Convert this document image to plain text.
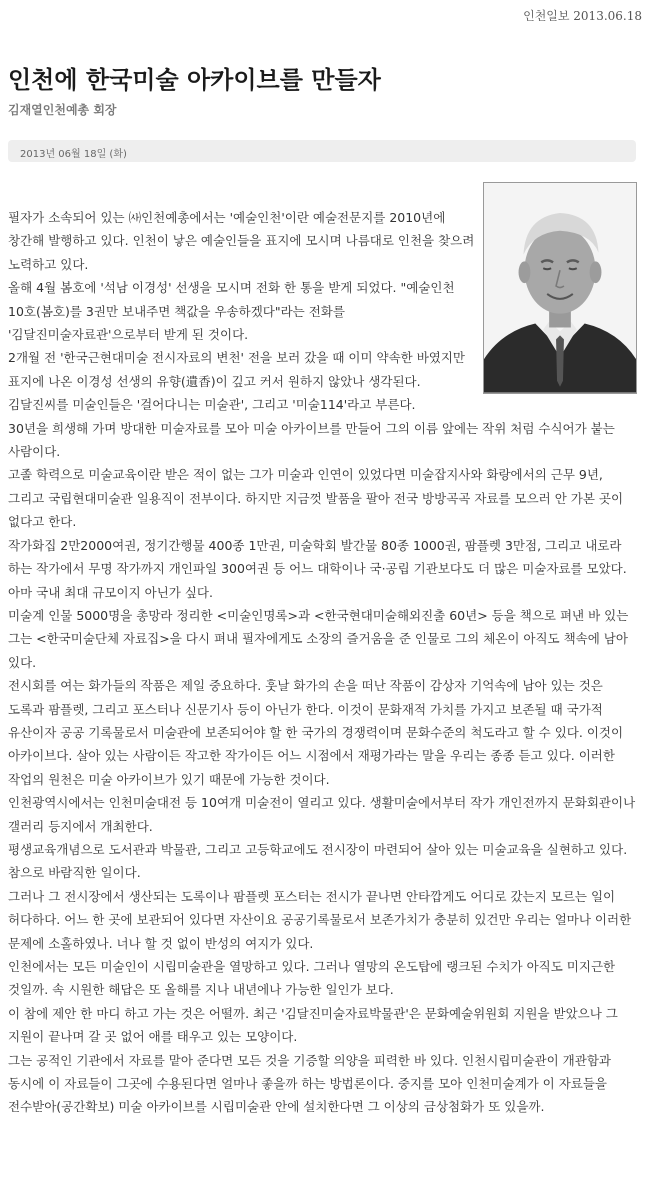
인천일보 2013.06.18
인천에 한국미술 아카이브를 만들자
김재열인천예총 회장
2013년 06월 18일 (화)

필자가 소속되어 있는 ㈔인천예총에서는 '예술인천'이란 예술전문지를 2010년에 창간해 발행하고 있다. 인천이 낳은 예술인들을 표지에 모시며 나름대로 인천을 찾으려 노력하고 있다.

올해 4월 봄호에 '석남 이경성' 선생을 모시며 전화 한 통을 받게 되었다. "예술인천 10호(봄호)를 3권만 보내주면 책값을 우송하겠다"라는 전화를 '김달진미술자료관'으로부터 받게 된 것이다.

2개월 전 '한국근현대미술 전시자료의 변천' 전을 보러 갔을 때 이미 약속한 바였지만 표지에 나온 이경성 선생의 유향(遺香)이 깊고 커서 원하지 않았나 생각된다.

김달진씨를 미술인들은 '걸어다니는 미술관', 그리고 '미술114'라고 부른다.

30년을 희생해 가며 방대한 미술자료를 모아 미술 아카이브를 만들어 그의 이름 앞에는 작위 처럼 수식어가 붙는 사람이다.

고졸 학력으로 미술교육이란 받은 적이 없는 그가 미술과 인연이 있었다면 미술잡지사와 화랑에서의 근무 9년, 그리고 국립현대미술관 일용직이 전부이다. 하지만 지금껏 발품을 팔아 전국 방방곡곡 자료를 모으러 안 가본 곳이 없다고 한다.

작가화집 2만2000여권, 정기간행물 400종 1만권, 미술학회 발간물 80종 1000권, 팜플렛 3만점, 그리고 내로라 하는 작가에서 무명 작가까지 개인파일 300여권 등 어느 대학이나 국·공립 기관보다도 더 많은 미술자료를 모았다. 아마 국내 최대 규모이지 아닌가 싶다.

미술계 인물 5000명을 총망라 정리한 <미술인명록>과 <한국현대미술해외진출 60년> 등을 책으로 펴낸 바 있는 그는 <한국미술단체 자료집>을 다시 펴내 필자에게도 소장의 즐거움을 준 인물로 그의 체온이 아직도 책속에 남아 있다.

전시회를 여는 화가들의 작품은 제일 중요하다. 훗날 화가의 손을 떠난 작품이 감상자 기억속에 남아 있는 것은 도록과 팜플렛, 그리고 포스터나 신문기사 등이 아닌가 한다. 이것이 문화재적 가치를 가지고 보존될 때 국가적 유산이자 공공 기록물로서 미술관에 보존되어야 할 한 국가의 경쟁력이며 문화수준의 척도라고 할 수 있다. 이것이 아카이브다. 살아 있는 사람이든 작고한 작가이든 어느 시점에서 재평가라는 말을 우리는 종종 듣고 있다. 이러한 작업의 원천은 미술 아카이브가 있기 때문에 가능한 것이다.

인천광역시에서는 인천미술대전 등 10여개 미술전이 열리고 있다. 생활미술에서부터 작가 개인전까지 문화회관이나 갤러리 등지에서 개최한다.

평생교육개념으로 도서관과 박물관, 그리고 고등학교에도 전시장이 마련되어 살아 있는 미술교육을 실현하고 있다. 참으로 바람직한 일이다.

그러나 그 전시장에서 생산되는 도록이나 팜플렛 포스터는 전시가 끝나면 안타깝게도 어디로 갔는지 모르는 일이 허다하다. 어느 한 곳에 보관되어 있다면 자산이요 공공기록물로서 보존가치가 충분히 있건만 우리는 얼마나 이러한 문제에 소홀하였나. 너나 할 것 없이 반성의 여지가 있다.

인천에서는 모든 미술인이 시립미술관을 열망하고 있다. 그러나 열망의 온도탑에 랭크된 수치가 아직도 미지근한 것일까. 속 시원한 해답은 또 올해를 지나 내년에나 가능한 일인가 보다.

이 참에 제안 한 마디 하고 가는 것은 어떨까. 최근 '김달진미술자료박물관'은 문화예술위원회 지원을 받았으나 그 지원이 끝나며 갈 곳 없어 애를 태우고 있는 모양이다.

그는 공적인 기관에서 자료를 맡아 준다면 모든 것을 기증할 의양을 피력한 바 있다. 인천시립미술관이 개관함과 동시에 이 자료들이 그곳에 수용된다면 얼마나 좋을까 하는 방법론이다. 중지를 모아 인천미술계가 이 자료들을 전수받아(공간확보) 미술 아카이브를 시립미술관 안에 설치한다면 그 이상의 금상첨화가 또 있을까.
